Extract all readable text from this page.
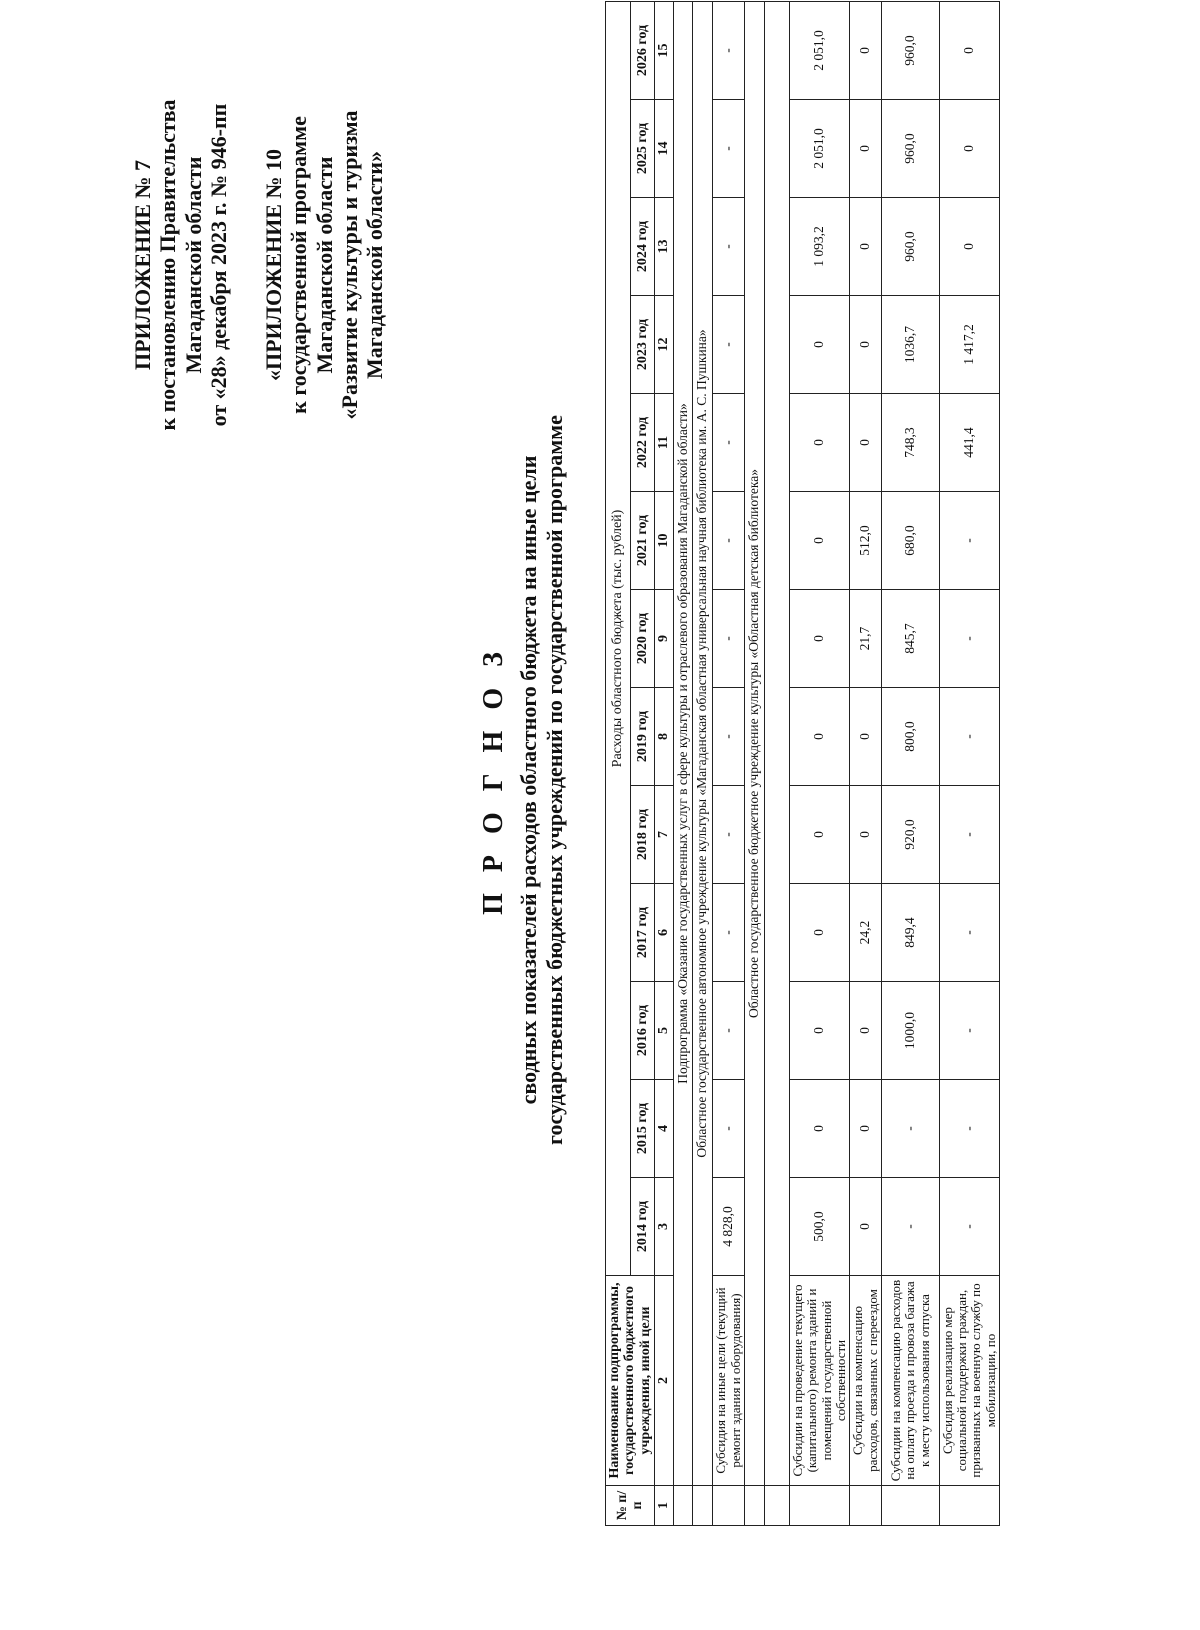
ПРИЛОЖЕНИЕ № 7 к постановлению Правительства Магаданской области от «28» декабря 2023 г. № 946-пп «ПРИЛОЖЕНИЕ № 10 к государственной программе Магаданской области «Развитие культуры и туризма Магаданской области»
П Р О Г Н О З сводных показателей расходов областного бюджета на иные цели государственных бюджетных учреждений по государственной программе
№ п/п	Наименование подпрограммы, государственного бюджетного учреждения, иной цели	Расходы областного бюджета (тыс. рублей)												
		2014 год	2015 год	2016 год	2017 год	2018 год	2019 год	2020 год	2021 год	2022 год	2023 год	2024 год	2025 год	2026 год
1	2	3	4	5	6	7	8	9	10	11	12	13	14	15
	Подпрограмма «Оказание государственных услуг в сфере культуры и отраслевого образования Магаданской области»													
	Областное государственное автономное учреждение культуры «Магаданская областная универсальная научная библиотека им. А. С. Пушкина»													
	Субсидия на иные цели (текущий ремонт здания и оборудования)	4 828,0	-	-	-	-	-	-	-	-	-	-	-	-
	Областное государственное бюджетное учреждение культуры «Областная детская библиотека»													

	Субсидии на проведение текущего (капитального) ремонта зданий и помещений государственной собственности	500,0	0	0	0	0	0	0	0	0	0	1 093,2	2 051,0	2 051,0
	Субсидии на компенсацию расходов, связанных с переездом	0	0	0	24,2	0	0	21,7	512,0	0	0	0	0	0
	Субсидии на компенсацию расходов на оплату проезда и провоза багажа к месту использования отпуска	-	-	1000,0	849,4	920,0	800,0	845,7	680,0	748,3	1036,7	960,0	960,0	960,0
	Субсидия реализацию мер социальной поддержки граждан, призванных на военную службу по мобилизации, по	-	-	-	-	-	-	-	-	441,4	1 417,2	0	0	0
